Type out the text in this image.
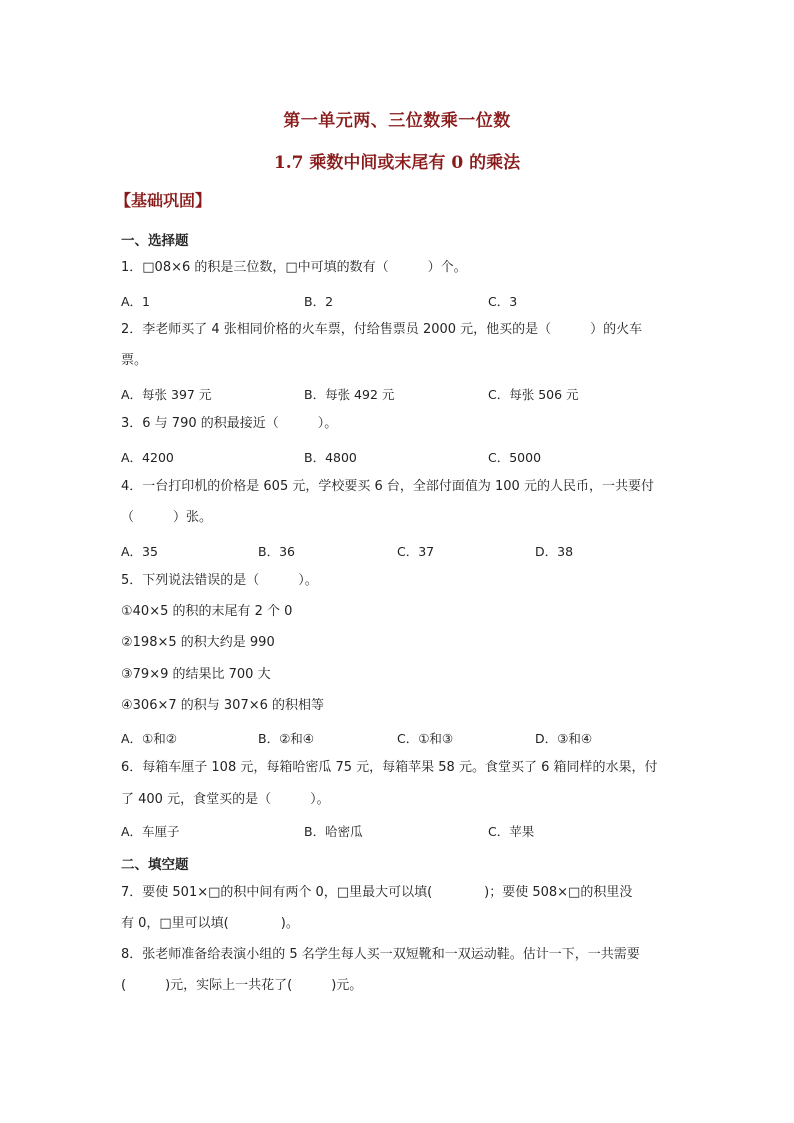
第一单元两、三位数乘一位数
1.7 乘数中间或末尾有 0 的乘法
【基础巩固】
一、选择题
1．□08×6 的积是三位数，□中可填的数有（　　　）个。
A．1	B．2	C．3
2．李老师买了 4 张相同价格的火车票，付给售票员 2000 元，他买的是（　　　）的火车
票。
A．每张 397 元	B．每张 492 元	C．每张 506 元
3．6 与 790 的积最接近（　　　）。
A．4200	B．4800	C．5000
4．一台打印机的价格是 605 元，学校要买 6 台，全部付面值为 100 元的人民币，一共要付
（　　　）张。
A．35	B．36	C．37	D．38
5．下列说法错误的是（　　　）。
①40×5 的积的末尾有 2 个 0
②198×5 的积大约是 990
③79×9 的结果比 700 大
④306×7 的积与 307×6 的积相等
A．①和②	B．②和④	C．①和③	D．③和④
6．每箱车厘子 108 元，每箱哈密瓜 75 元，每箱苹果 58 元。食堂买了 6 箱同样的水果，付
了 400 元，食堂买的是（　　　）。
A．车厘子	B．哈密瓜	C．苹果
二、填空题
7．要使 501×□的积中间有两个 0，□里最大可以填(　　　　)；要使 508×□的积里没
有 0，□里可以填(　　　　)。
8．张老师准备给表演小组的 5 名学生每人买一双短靴和一双运动鞋。估计一下，一共需要
(　　　)元，实际上一共花了(　　　)元。
